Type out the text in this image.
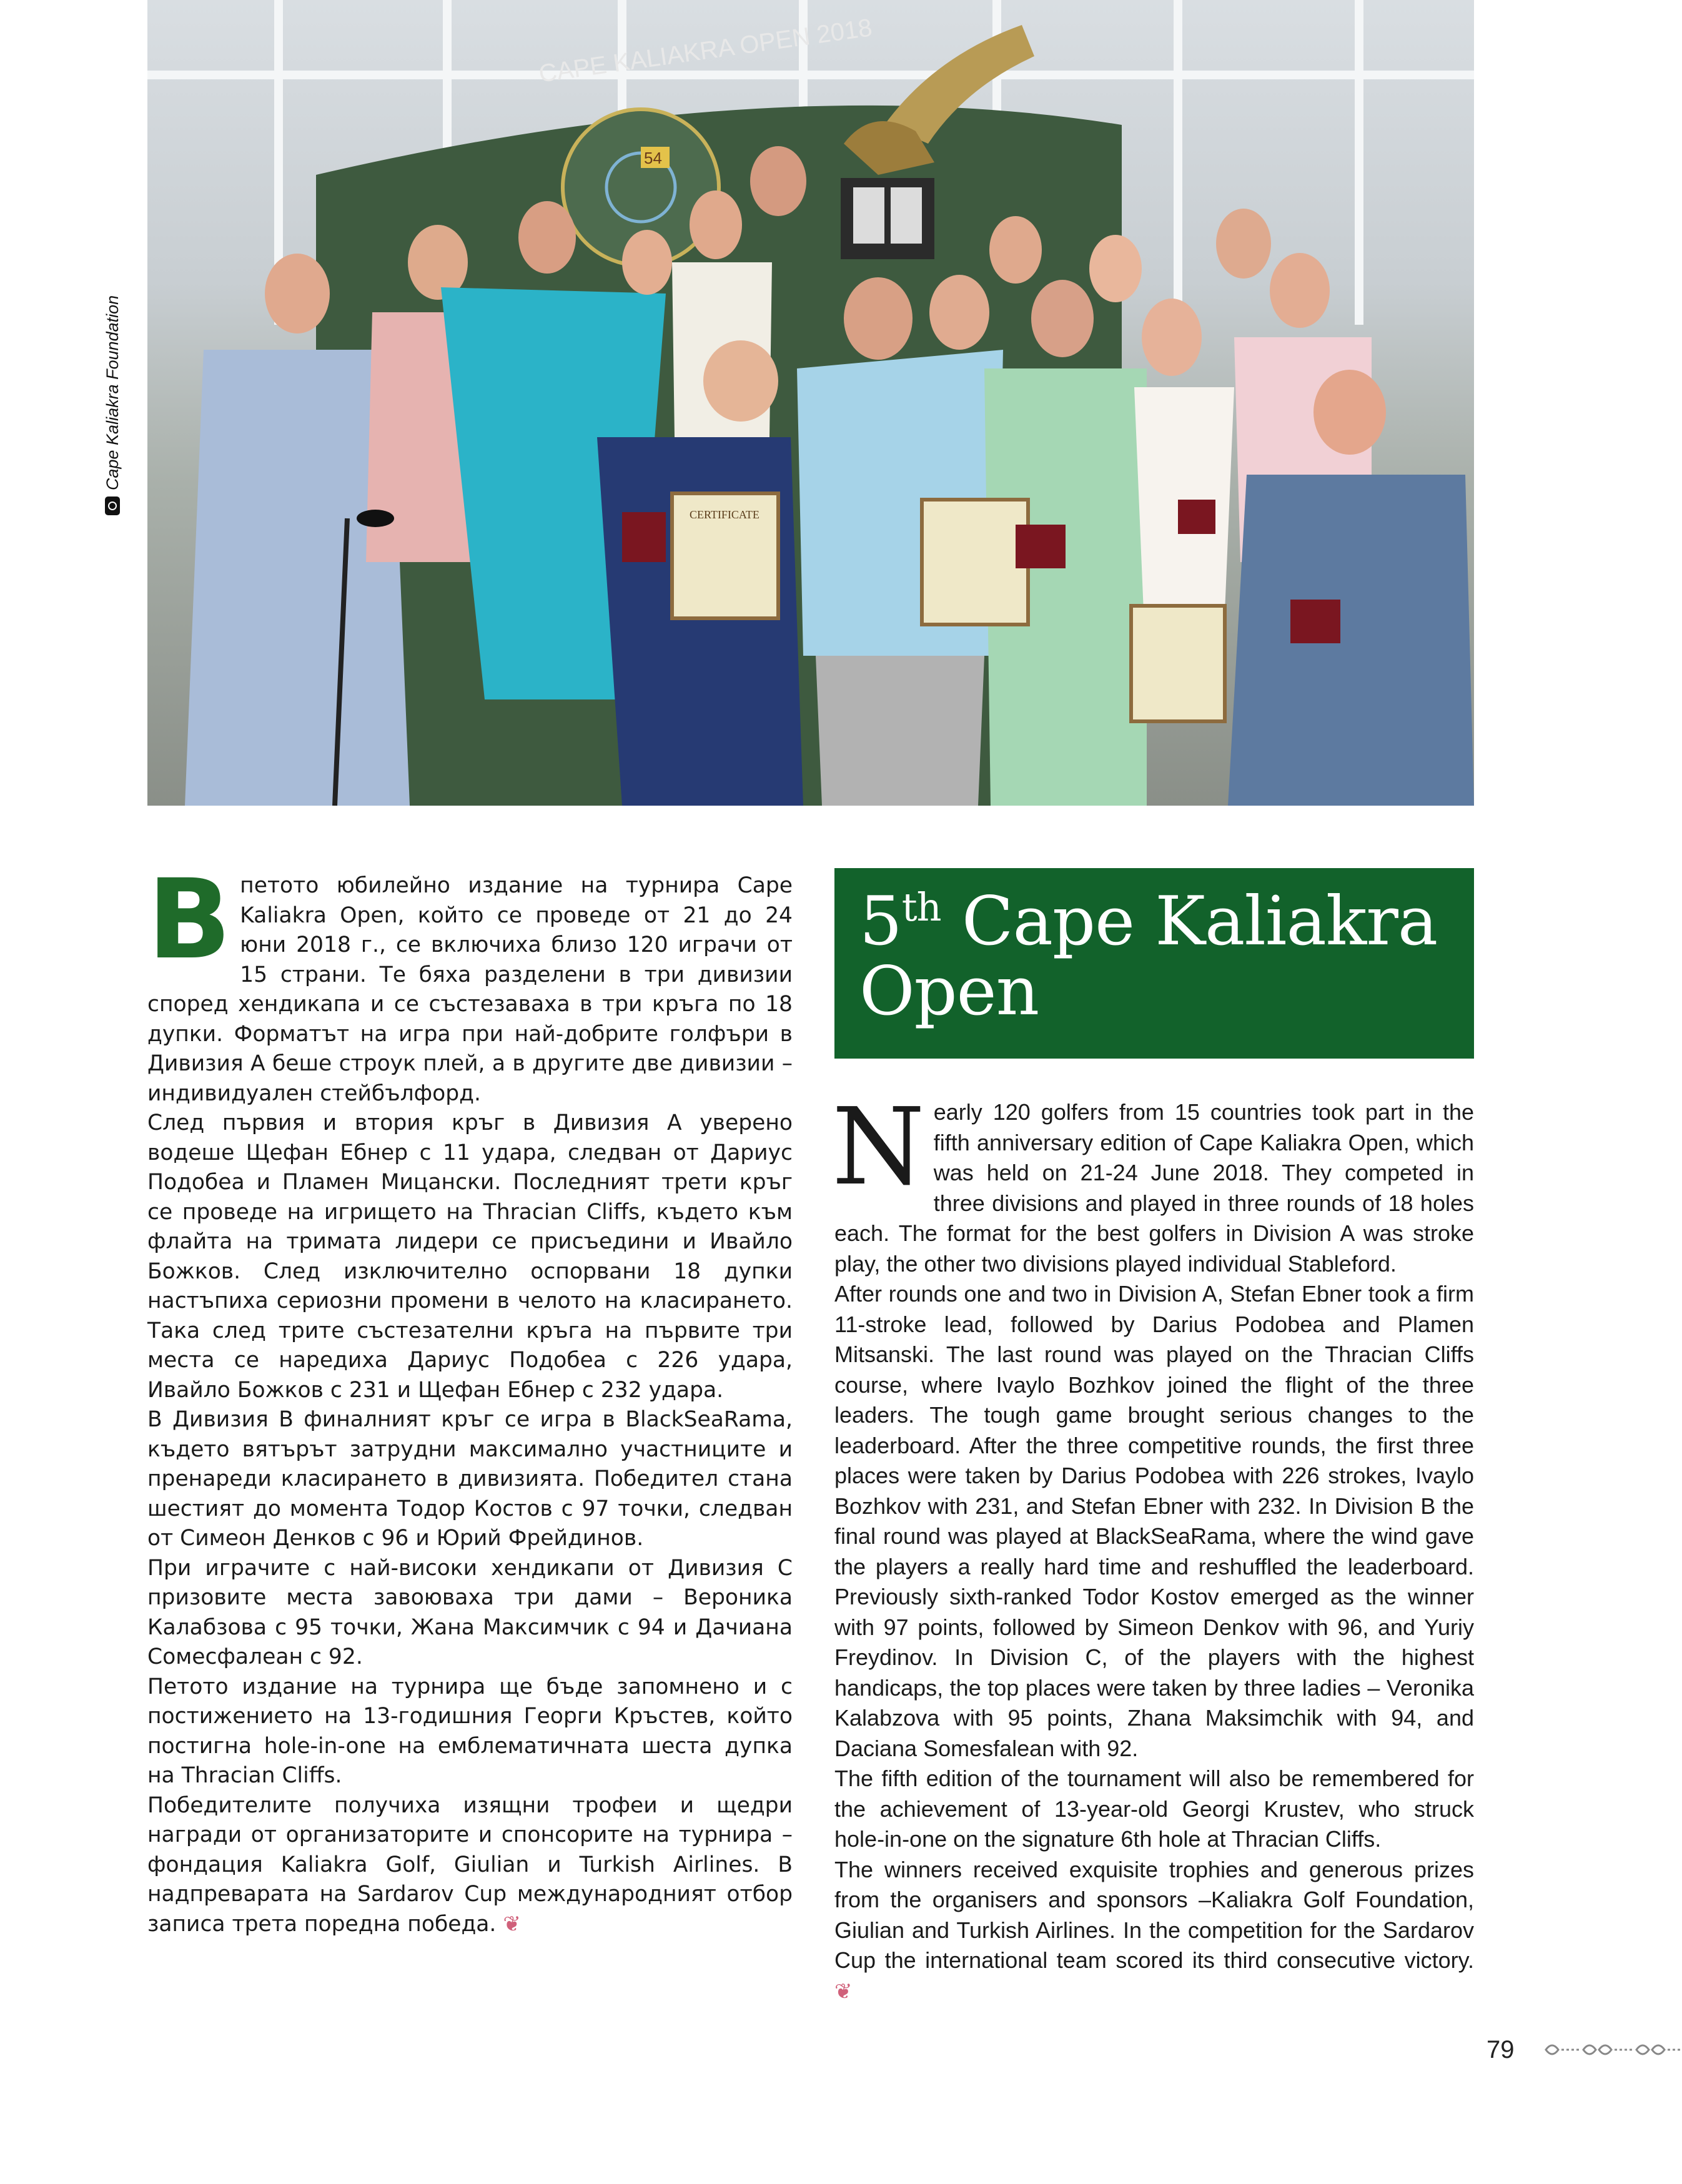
54
CAPE KALIAKRA OPEN 2018
CERTIFICATE
Cape Kaliakra Foundation

Впетото юбилейно издание на турнира Cape Kaliakra Open, който се проведе от 21 до 24 юни 2018 г., се включиха близо 120 играчи от 15 страни. Те бяха разделени в три дивизии според хендикапа и се състезаваха в три кръга по 18 дупки. Форматът на игра при най-добрите голфъри в Дивизия А беше строук плей, а в другите две дивизии – индивидуален стейбълфорд.

След първия и втория кръг в Дивизия А уверено водеше Щефан Ебнер с 11 удара, следван от Дариус Подобеа и Пламен Мицански. Последният трети кръг се проведе на игрището на Thracian Cliffs, където към флайта на тримата лидери се присъедини и Ивайло Божков. След изключително оспорвани 18 дупки настъпиха сериозни промени в челото на класирането. Така след трите състезателни кръга на първите три места се наредиха Дариус Подобеа с 226 удара, Ивайло Божков с 231 и Щефан Ебнер с 232 удара.

В Дивизия В финалният кръг се игра в BlackSeaRama, където вятърът затрудни максимално участниците и пренареди класирането в дивизията. Победител стана шестият до момента Тодор Костов с 97 точки, следван от Симеон Денков с 96 и Юрий Фрейдинов.

При играчите с най-високи хендикапи от Дивизия С призовите места завоюваха три дами – Вероника Калабзова с 95 точки, Жана Максимчик с 94 и Дачиана Сомесфалеан с 92.

Петото издание на турнира ще бъде запомнено и с постижението на 13-годишния Георги Кръстев, който постигна hole-in-one на емблематичната шеста дупка на Thracian Cliffs.

Победителите получиха изящни трофеи и щедри награди от организаторите и спонсорите на турнира – фондация Kaliakra Golf, Giulian и Turkish Airlines. В надпреварата на Sardarov Cup международният отбор записа трета поредна победа. ❦

5th Cape Kaliakra Open

Nearly 120 golfers from 15 countries took part in the fifth anniversary edition of Cape Kaliakra Open, which was held on 21-24 June 2018. They competed in three divisions and played in three rounds of 18 holes each. The format for the best golfers in Division A was stroke play, the other two divisions played individual Stableford.

After rounds one and two in Division A, Stefan Ebner took a firm 11-stroke lead, followed by Darius Podobea and Plamen Mitsanski. The last round was played on the Thracian Cliffs course, where Ivaylo Bozhkov joined the flight of the three leaders. The tough game brought serious changes to the leaderboard. After the three competitive rounds, the first three places were taken by Darius Podobea with 226 strokes, Ivaylo Bozhkov with 231, and Stefan Ebner with 232. In Division B the final round was played at BlackSeaRama, where the wind gave the players a really hard time and reshuffled the leaderboard. Previously sixth-ranked Todor Kostov emerged as the winner with 97 points, followed by Simeon Denkov with 96, and Yuriy Freydinov. In Division C, of the players with the highest handicaps, the top places were taken by three ladies – Veronika Kalabzova with 95 points, Zhana Maksimchik with 94, and Daciana Somesfalean with 92.

The fifth edition of the tournament will also be remembered for the achievement of 13-year-old Georgi Krustev, who struck hole-in-one on the signature 6th hole at Thracian Cliffs.

The winners received exquisite trophies and generous prizes from the organisers and sponsors –Kaliakra Golf Foundation, Giulian and Turkish Airlines. In the competition for the Sardarov Cup the international team scored its third consecutive victory. ❦

79
